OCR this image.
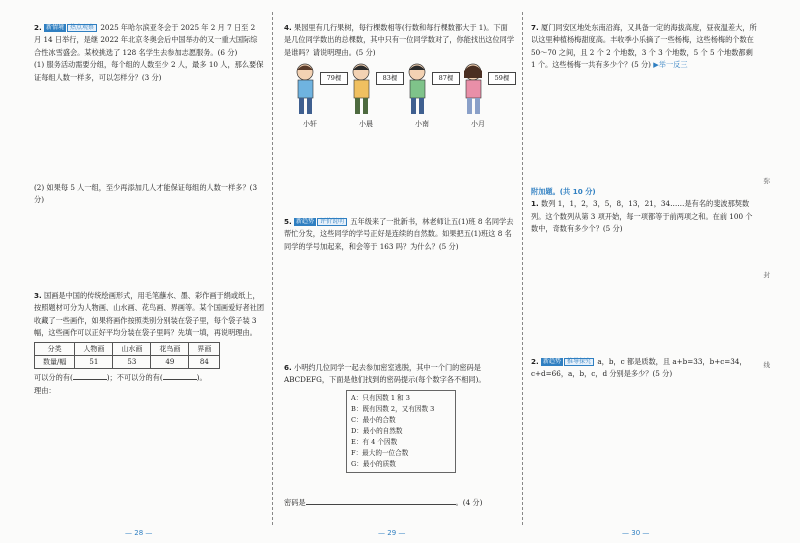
2. 新情境 热点观察 2025 年哈尔滨亚冬会于 2025 年 2 月 7 日至 2 月 14 日举行，是继 2022 年北京冬奥会后中国举办的又一重大国际综合性冰雪盛会。某校挑选了 128 名学生去参加志愿服务。(6 分)
(1) 服务活动需要分组，每个组的人数至少 2 人，最多 10 人，那么要保证每组人数一样多，可以怎样分？(3 分)
(2) 如果每 5 人一组，至少再添加几人才能保证每组的人数一样多？(3 分)
3. 国画是中国的传统绘画形式，用毛笔蘸水、墨、彩作画于绢或纸上，按照题材可分为人物画、山水画、花鸟画、界画等。某个国画爱好者社团收藏了一些画作，如果将画作按照类别分别装在袋子里，每个袋子装 3 幅，这些画作可以正好平均分装在袋子里吗？先填一填，再说明理由。
分类	人物画	山水画	花鸟画	界画
数量/幅	51	53	49	84
可以分的有(	)；不可以分的有(	)。
理由：
4. 果园里有几行果树，每行棵数相等(行数和每行棵数都大于 1)。下面是几位同学数出的总棵数，其中只有一位同学数对了，你能找出这位同学是谁吗？请说明理由。(5 分)
79棵
小轩
83棵
小晨
87棵
小南
59棵
小月
5. 新趋势 评价说明 五年级来了一批新书，林老师让五(1)班 8 名同学去帮忙分发，这些同学的学号正好是连续的自然数。如果把五(1)班这 8 名同学的学号加起来，和会等于 163 吗？为什么？(5 分)
6. 小明约几位同学一起去参加密室逃脱，其中一个门的密码是 ABCDEFG，下面是他们找到的密码提示(每个数字各不相同)。
A：只有因数 1 和 3
B：既有因数 2，又有因数 3
C：最小的合数
D：最小的自然数
E：有 4 个因数
F：最大的一位合数
G：最小的质数
密码是	。(4 分)
7. 厦门同安区地处东南沿海，又具备一定的海拔高度，昼夜温差大，所以这里种植杨梅甜度高。丰收季小乐摘了一些杨梅，这些杨梅的个数在 50～70 之间，且 2 个 2 个地数，3 个 3 个地数，5 个 5 个地数都剩 1 个。这些杨梅一共有多少个？(5 分) ▶举一反三
附加题。(共 10 分)
1. 数列 1，1，2，3，5，8，13，21，34……是有名的斐波那契数列。这个数列从第 3 项开始，每一项都等于前两项之和。在前 100 个数中，奇数有多少个？(5 分)
2. 新趋势 推导探究 a，b，c 都是质数，且 a+b=33，b+c=34，c+d=66，a，b，c，d 分别是多少？(5 分)
弥
封
线
— 28 —	— 29 —	— 30 —
